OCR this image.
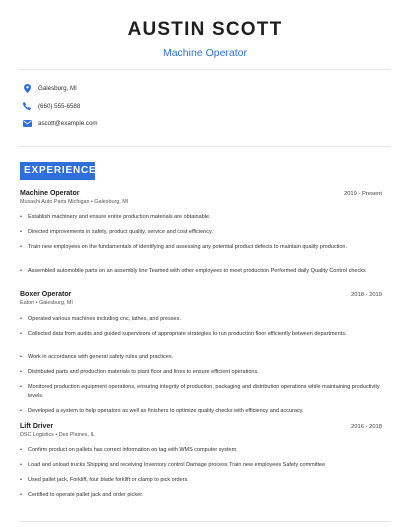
AUSTIN SCOTT
Machine Operator
Galesburg, MI
(660) 555-6588
ascott@example.com
EXPERIENCE
Machine Operator	2019 - Present
Musashi Auto Parts Michigan • Galesburg, MI
• Establish machinery and ensure entire production materials are obtainable.
• Directed improvements in safety, product quality, service and cost efficiency.
• Train new employees on the fundamentals of identifying and assessing any potential product defects to maintain quality production.
• Assembled automobile parts on an assembly line Teamed with other employees to meet production Performed daily Quality Control checks
Boxer Operator	2018 - 2019
Eaton • Galesburg, MI
• Operated various machines including cnc, lathes, and presses.
• Collected data from audits and guided supervisors of appropriate strategies to run production floor efficiently between departments.
• Work in accordance with general safety rules and practices.
• Distributed parts and production materials to plant floor and lines to ensure efficient operations.
• Monitored production equipment operations, ensuring integrity of production, packaging and distribution operations while maintaining productivity levels.
• Developed a system to help operators as well as finishers to optimize quality checks with efficiency and accuracy.
Lift Driver	2016 - 2018
DSC Logistics • Des Plaines, IL
• Confirm product on pallets has correct information on tag with WMS computer system.
• Load and unload trucks Shipping and receiving Inventory control Damage process Train new employees Safety committee
• Used pallet jack, Forklift, four blade forklift or clamp to pick orders.
• Certified to operate pallet jack and order picker.
